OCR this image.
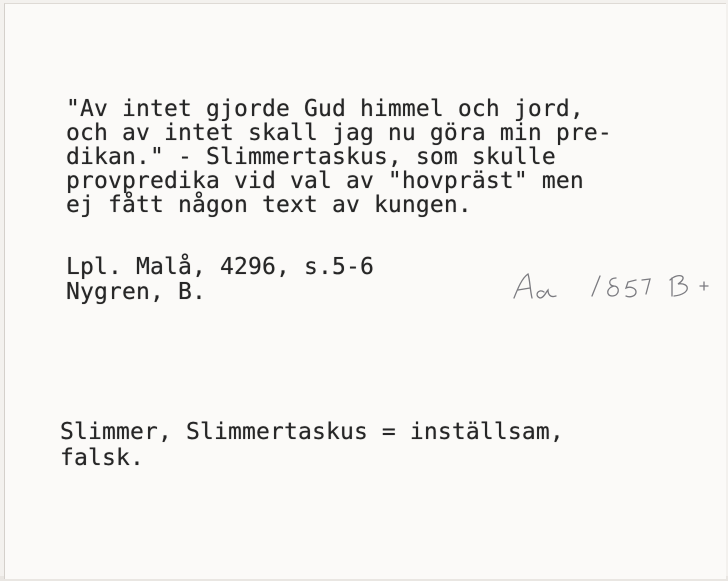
"Av intet gjorde Gud himmel och jord,
och av intet skall jag nu göra min pre-
dikan." - Slimmertaskus, som skulle
provpredika vid val av "hovpräst" men
ej fått någon text av kungen.
Lpl. Malå, 4296, s.5-6
Nygren, B.
Slimmer, Slimmertaskus = inställsam,
falsk.
